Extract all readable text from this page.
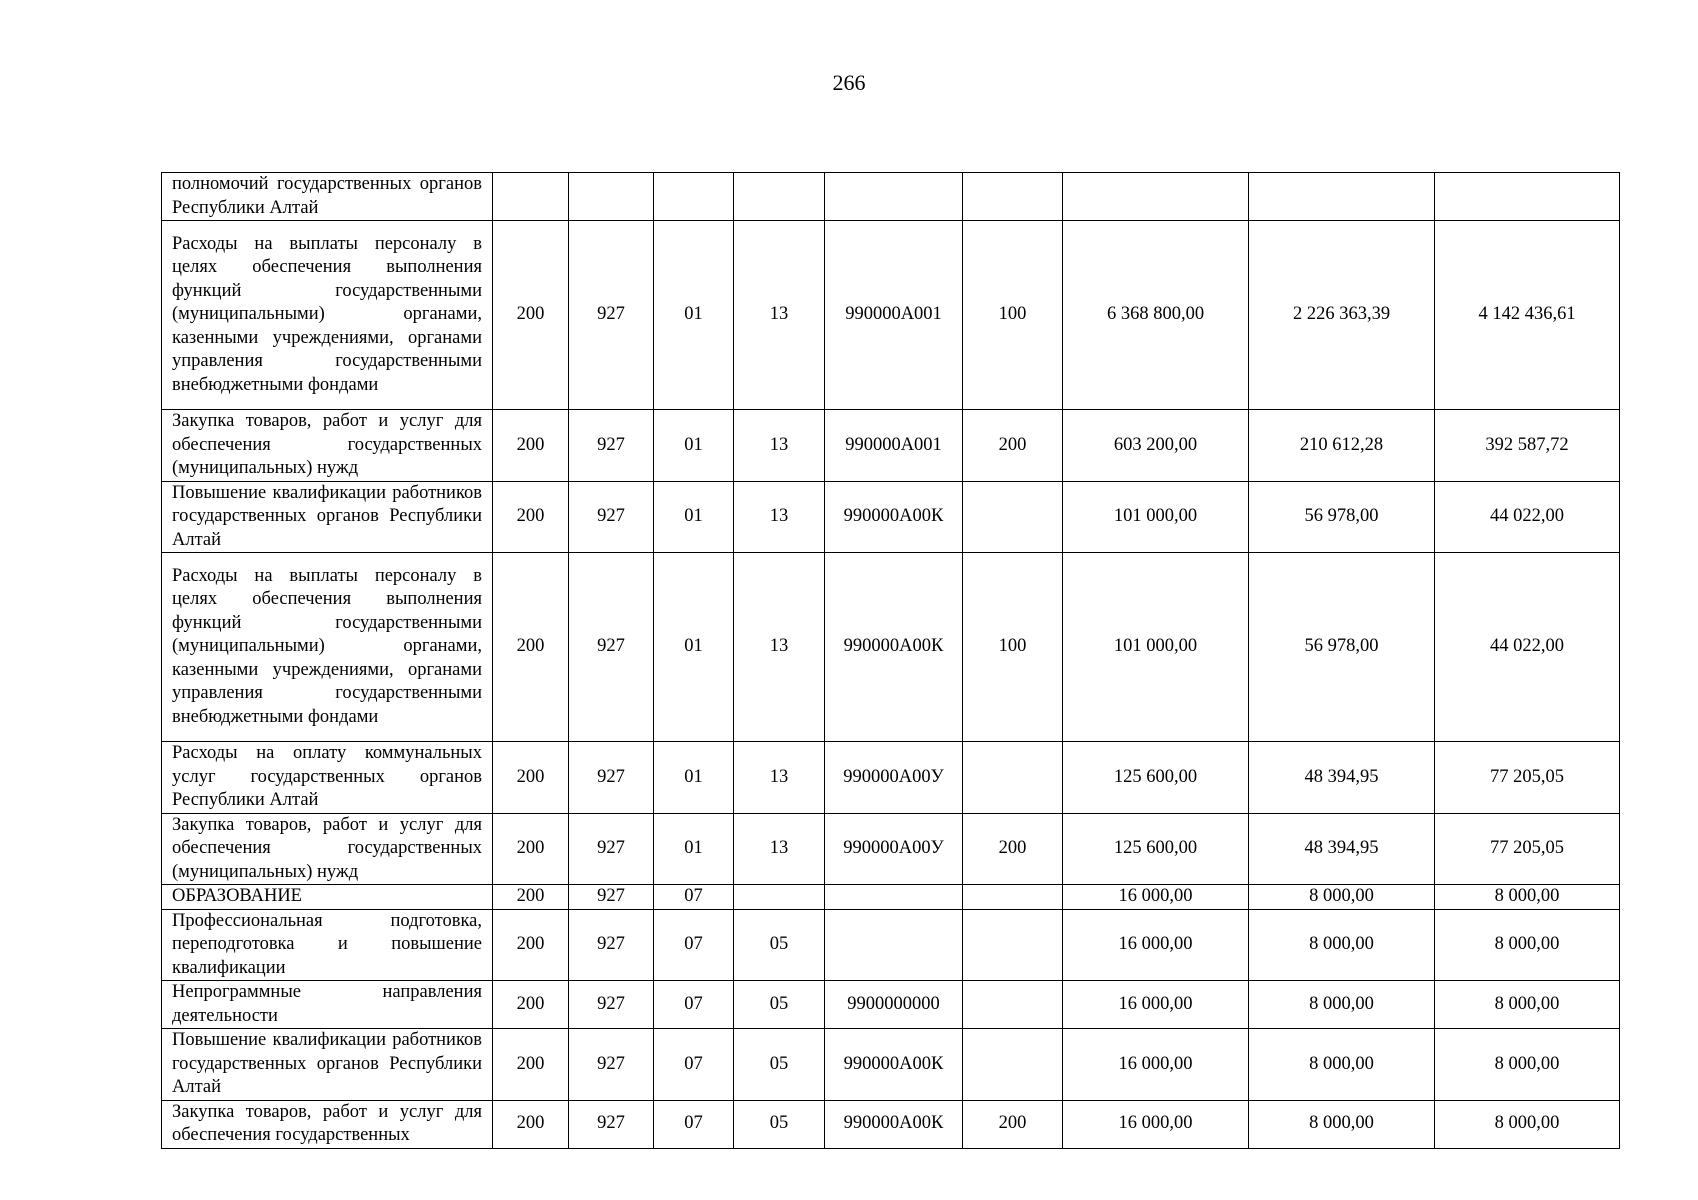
266
полномочий государственных органов Республики Алтай									
Расходы на выплаты персоналу в целях обеспечения выполнения функций государственными (муниципальными) органами, казенными учреждениями, органами управления государственными внебюджетными фондами	200	927	01	13	990000А001	100	6 368 800,00	2 226 363,39	4 142 436,61
Закупка товаров, работ и услуг для обеспечения государственных (муниципальных) нужд	200	927	01	13	990000А001	200	603 200,00	210 612,28	392 587,72
Повышение квалификации работников государственных органов Республики Алтай	200	927	01	13	990000А00К		101 000,00	56 978,00	44 022,00
Расходы на выплаты персоналу в целях обеспечения выполнения функций государственными (муниципальными) органами, казенными учреждениями, органами управления государственными внебюджетными фондами	200	927	01	13	990000А00К	100	101 000,00	56 978,00	44 022,00
Расходы на оплату коммунальных услуг государственных органов Республики Алтай	200	927	01	13	990000А00У		125 600,00	48 394,95	77 205,05
Закупка товаров, работ и услуг для обеспечения государственных (муниципальных) нужд	200	927	01	13	990000А00У	200	125 600,00	48 394,95	77 205,05
ОБРАЗОВАНИЕ	200	927	07				16 000,00	8 000,00	8 000,00
Профессиональная подготовка, переподготовка и повышение квалификации	200	927	07	05			16 000,00	8 000,00	8 000,00
Непрограммные направления деятельности	200	927	07	05	9900000000		16 000,00	8 000,00	8 000,00
Повышение квалификации работников государственных органов Республики Алтай	200	927	07	05	990000А00К		16 000,00	8 000,00	8 000,00
Закупка товаров, работ и услуг для обеспечения государственных	200	927	07	05	990000А00К	200	16 000,00	8 000,00	8 000,00
